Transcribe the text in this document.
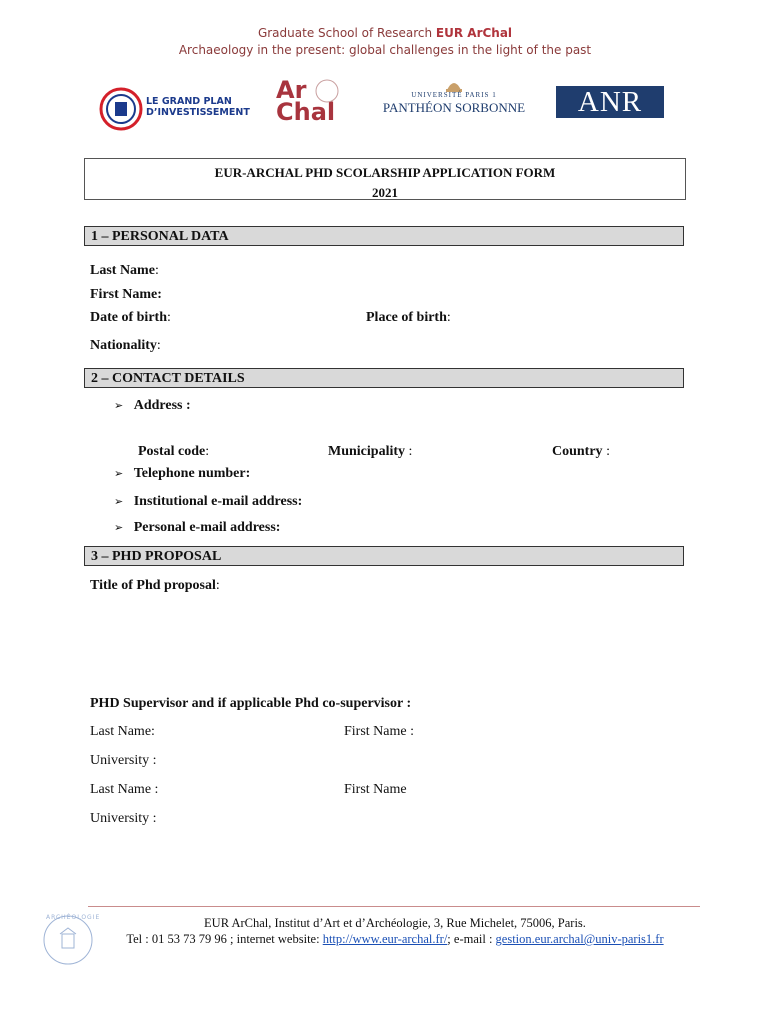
Graduate School of Research EUR ArChal
Archaeology in the present: global challenges in the light of the past
LE GRAND PLAN
D’INVESTISSEMENT
Ar
Chal
UNIVERSITÉ PARIS 1
PANTHÉON SORBONNE	ANR
EUR-ARCHAL PHD SCOLARSHIP APPLICATION FORM
2021
1 – PERSONAL DATA
Last Name:
First Name:
Date of birth:	Place of birth:
Nationality:
2 – CONTACT DETAILS
➢ Address :
Postal code:	Municipality :	Country :
➢ Telephone number:
➢ Institutional e-mail address:
➢ Personal e-mail address:
3 – PHD PROPOSAL
Title of Phd proposal:
PHD Supervisor and if applicable Phd co-supervisor :
Last Name:	First Name :
University :
Last Name :	First Name
University :
ARCHÉOLOGIE	EUR ArChal, Institut d’Art et d’Archéologie, 3, Rue Michelet, 75006, Paris.
Tel : 01 53 73 79 96 ; internet website: http://www.eur-archal.fr/; e-mail : gestion.eur.archal@univ-paris1.fr
